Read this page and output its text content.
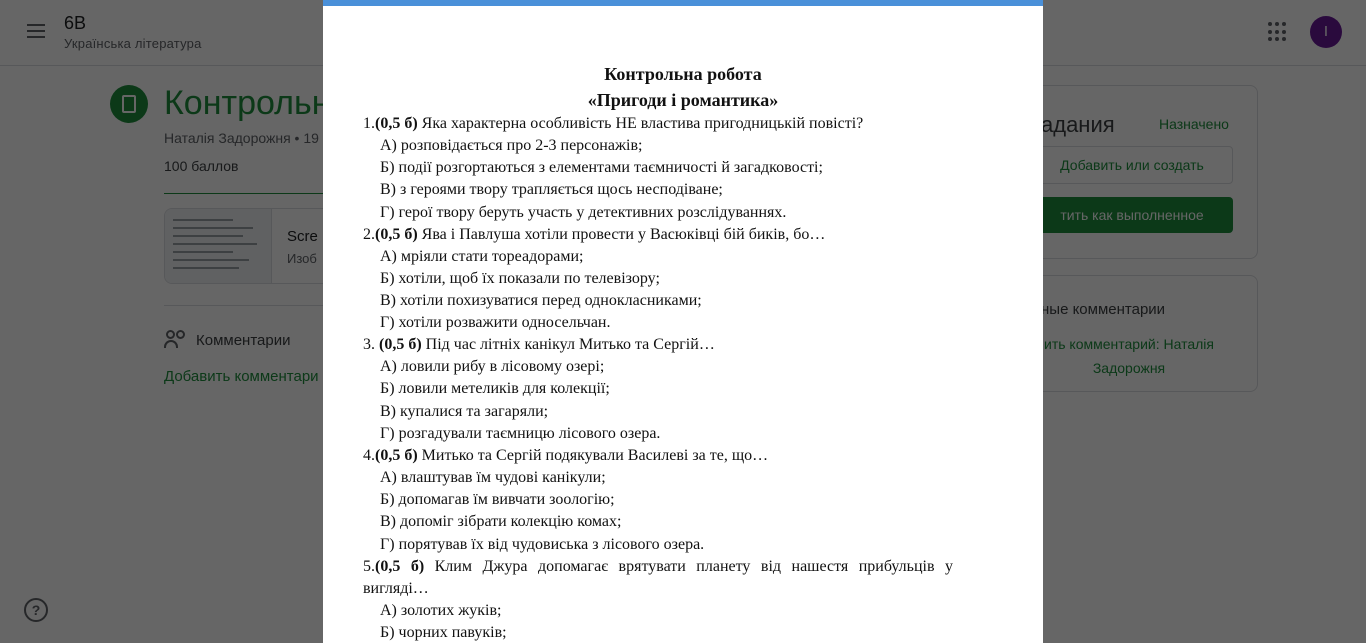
Контрольна робота
«Пригоди і романтика»
1.(0,5 б) Яка характерна особливість НЕ властива пригодницькій повісті?
А) розповідається про 2-3 персонажів;
Б) події розгортаються з елементами таємничості й загадковості;
В) з героями твору трапляється щось несподіване;
Г) герої твору беруть участь у детективних розслідуваннях.
2.(0,5 б) Ява і Павлуша хотіли провести у Васюківці бій биків, бо…
А) мріяли стати тореадорами;
Б) хотіли, щоб їх показали по телевізору;
В) хотіли похизуватися перед однокласниками;
Г) хотіли розважити односельчан.
3. (0,5 б) Під час літніх канікул Митько та Сергій…
А) ловили рибу в лісовому озері;
Б) ловили метеликів для колекції;
В) купалися та загаряли;
Г) розгадували таємницю лісового озера.
4.(0,5 б) Митько та Сергій подякували Василеві за те, що…
А) влаштував їм чудові канікули;
Б) допомагав їм вивчати зоологію;
В) допоміг зібрати колекцію комах;
Г) порятував їх від чудовиська з лісового озера.
5.(0,5 б) Клим Джура допомагає врятувати планету від нашестя прибульців у вигляді…
А) золотих жуків;
Б) чорних павуків;
